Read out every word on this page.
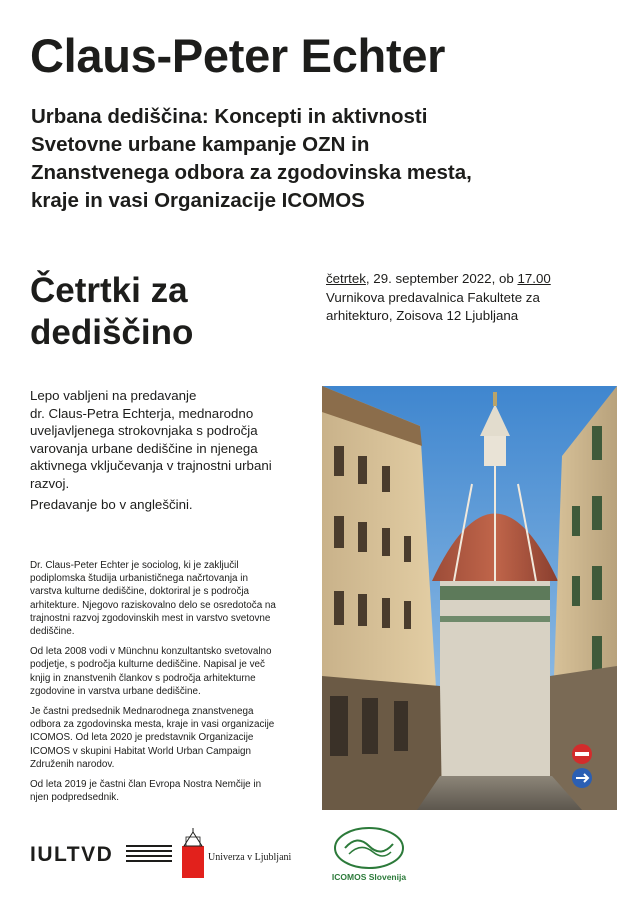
Claus-Peter Echter
Urbana dediščina: Koncepti in aktivnosti
Svetovne urbane kampanje OZN in
Znanstvenega odbora za zgodovinska mesta,
kraje in vasi Organizacije ICOMOS
Četrtki za
dediščino
četrtek, 29. september 2022, ob 17.00
Vurnikova predavalnica Fakultete za
arhitekturo, Zoisova 12 Ljubljana
Lepo vabljeni na predavanje
dr. Claus-Petra Echterja, mednarodno
uveljavljenega strokovnjaka s področja
varovanja urbane dediščine in njenega
aktivnega vključevanja v trajnostni urbani
razvoj.
Predavanje bo v angleščini.
Dr. Claus-Peter Echter je sociolog, ki je zaključil
podiplomska študija urbanističnega načrtovanja in
varstva kulturne dediščine, doktoriral je s področja
arhitekture. Njegovo raziskovalno delo se osredotoča na
trajnostni razvoj zgodovinskih mest in varstvo svetovne
dediščine.
Od leta 2008 vodi v Münchnu konzultantsko svetovalno
podjetje, s področja kulturne dediščine. Napisal je več
knjig in znanstvenih člankov s področja arhitekturne
zgodovine in varstva urbane dediščine.
Je častni predsednik Mednarodnega znanstvenega
odbora za zgodovinska mesta, kraje in vasi organizacije
ICOMOS. Od leta 2020 je predstavnik Organizacije
ICOMOS v skupini Habitat World Urban Campaign
Združenih narodov.
Od leta 2019 je častni član Evropa Nostra Nemčije in
njen podpredsednik.
IULTVD	Univerza v Ljubljani
ICOMOS Slovenija
